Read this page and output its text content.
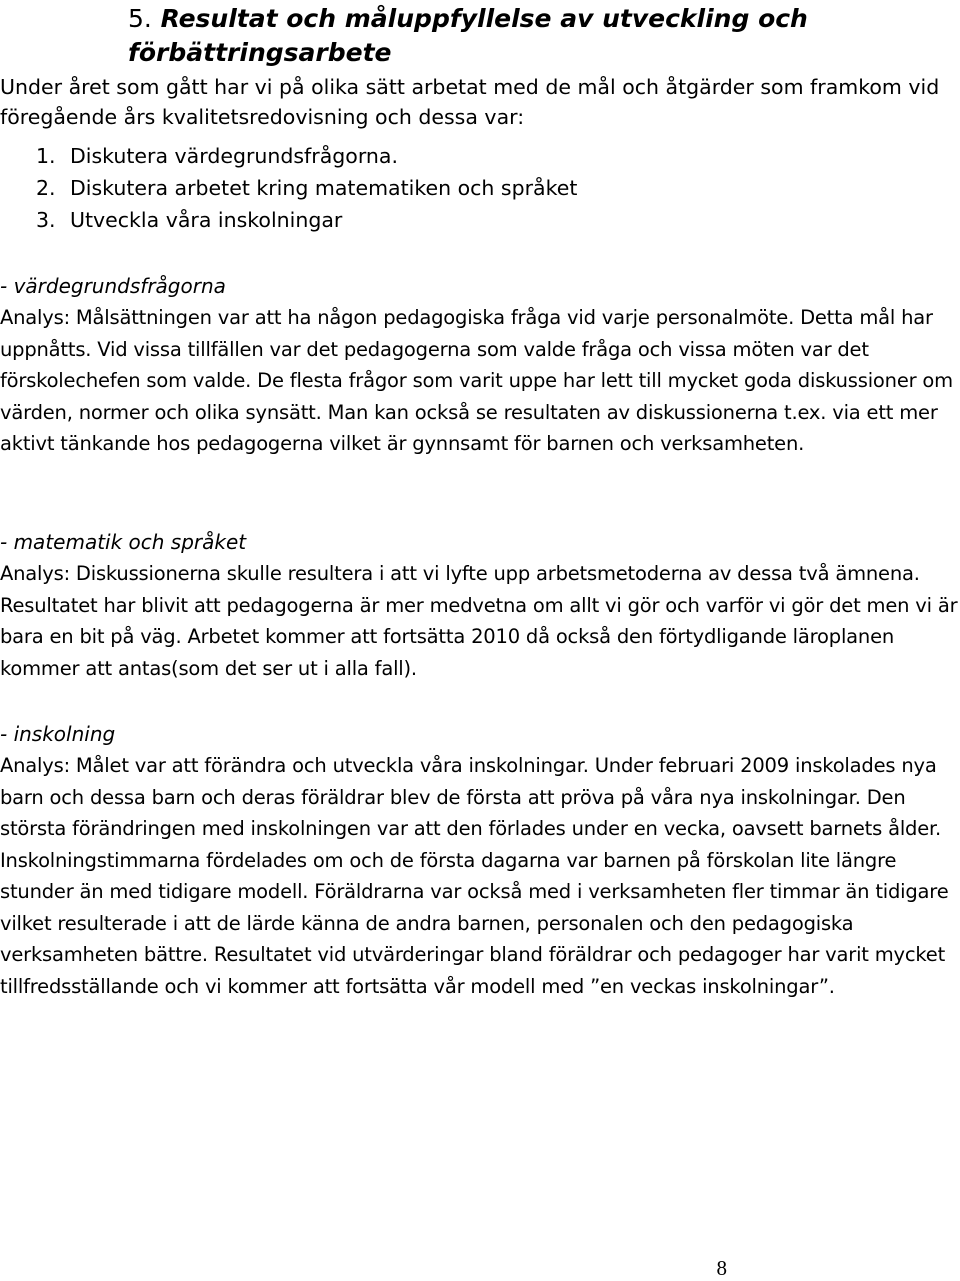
5. Resultat och måluppfyllelse av utveckling och förbättringsarbete
Under året som gått har vi på olika sätt arbetat med de mål och åtgärder som framkom vid föregående års kvalitetsredovisning och dessa var:
1. Diskutera värdegrundsfrågorna.
2. Diskutera arbetet kring matematiken och språket
3. Utveckla våra inskolningar
- värdegrundsfrågorna
Analys: Målsättningen var att ha någon pedagogiska fråga vid varje personalmöte. Detta mål har uppnåtts. Vid vissa tillfällen var det pedagogerna som valde fråga och vissa möten var det förskolechefen som valde. De flesta frågor som varit uppe har lett till mycket goda diskussioner om värden, normer och olika synsätt. Man kan också se resultaten av diskussionerna t.ex. via ett mer aktivt tänkande hos pedagogerna vilket är gynnsamt för barnen och verksamheten.
- matematik och språket
Analys: Diskussionerna skulle resultera i att vi lyfte upp arbetsmetoderna av dessa två ämnena. Resultatet har blivit att pedagogerna är mer medvetna om allt vi gör och varför vi gör det men vi är bara en bit på väg. Arbetet kommer att fortsätta 2010 då också den förtydligande läroplanen kommer att antas(som det ser ut i alla fall).
- inskolning
Analys: Målet var att förändra och utveckla våra inskolningar. Under februari 2009 inskolades nya barn och dessa barn och deras föräldrar blev de första att pröva på våra nya inskolningar. Den största förändringen med inskolningen var att den förlades under en vecka, oavsett barnets ålder. Inskolningstimmarna fördelades om och de första dagarna var barnen på förskolan lite längre stunder än med tidigare modell. Föräldrarna var också med i verksamheten fler timmar än tidigare vilket resulterade i att de lärde känna de andra barnen, personalen och den pedagogiska verksamheten bättre. Resultatet vid utvärderingar bland föräldrar och pedagoger har varit mycket tillfredsställande och vi kommer att fortsätta vår modell med ”en veckas inskolningar”.
8
